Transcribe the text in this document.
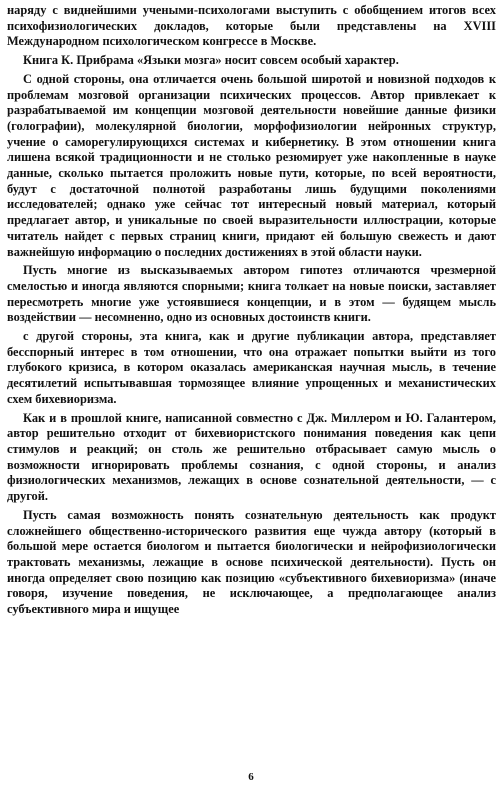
наряду с виднейшими учеными-психологами выступить с обобщением итогов всех психофизиологических докладов, которые были представлены на XVIII Международном психологическом конгрессе в Москве.

Книга К. Прибрама «Языки мозга» носит совсем особый характер.

С одной стороны, она отличается очень большой широтой и новизной подходов к проблемам мозговой организации психических процессов. Автор привлекает к разрабатываемой им концепции мозговой деятельности новейшие данные физики (голографии), молекулярной биологии, морфофизиологии нейронных структур, учение о саморегулирующихся системах и кибернетику. В этом отношении книга лишена всякой традиционности и не столько резюмирует уже накопленные в науке данные, сколько пытается проложить новые пути, которые, по всей вероятности, будут с достаточной полнотой разработаны лишь будущими поколениями исследователей; однако уже сейчас тот интересный новый материал, который предлагает автор, и уникальные по своей выразительности иллюстрации, которые читатель найдет с первых страниц книги, придают ей большую свежесть и дают важнейшую информацию о последних достижениях в этой области науки.

Пусть многие из высказываемых автором гипотез отличаются чрезмерной смелостью и иногда являются спорными; книга толкает на новые поиски, заставляет пересмотреть многие уже устоявшиеся концепции, и в этом — будящем мысль воздействии — несомненно, одно из основных достоинств книги.

с другой стороны, эта книга, как и другие публикации автора, представляет бесспорный интерес в том отношении, что она отражает попытки выйти из того глубокого кризиса, в котором оказалась американская научная мысль, в течение десятилетий испытывавшая тормозящее влияние упрощенных и механистических схем бихевиоризма.

Как и в прошлой книге, написанной совместно с Дж. Миллером и Ю. Галантером, автор решительно отходит от бихевиористского понимания поведения как цепи стимулов и реакций; он столь же решительно отбрасывает самую мысль о возможности игнорировать проблемы сознания, с одной стороны, и анализ физиологических механизмов, лежащих в основе сознательной деятельности, — с другой.

Пусть самая возможность понять сознательную деятельность как продукт сложнейшего общественно-исторического развития еще чужда автору (который в большой мере остается биологом и пытается биологически и нейрофизиологически трактовать механизмы, лежащие в основе психической деятельности). Пусть он иногда определяет свою позицию как позицию «субъективного бихевиоризма» (иначе говоря, изучение поведения, не исключающее, а предполагающее анализ субъективного мира и ищущее

6
